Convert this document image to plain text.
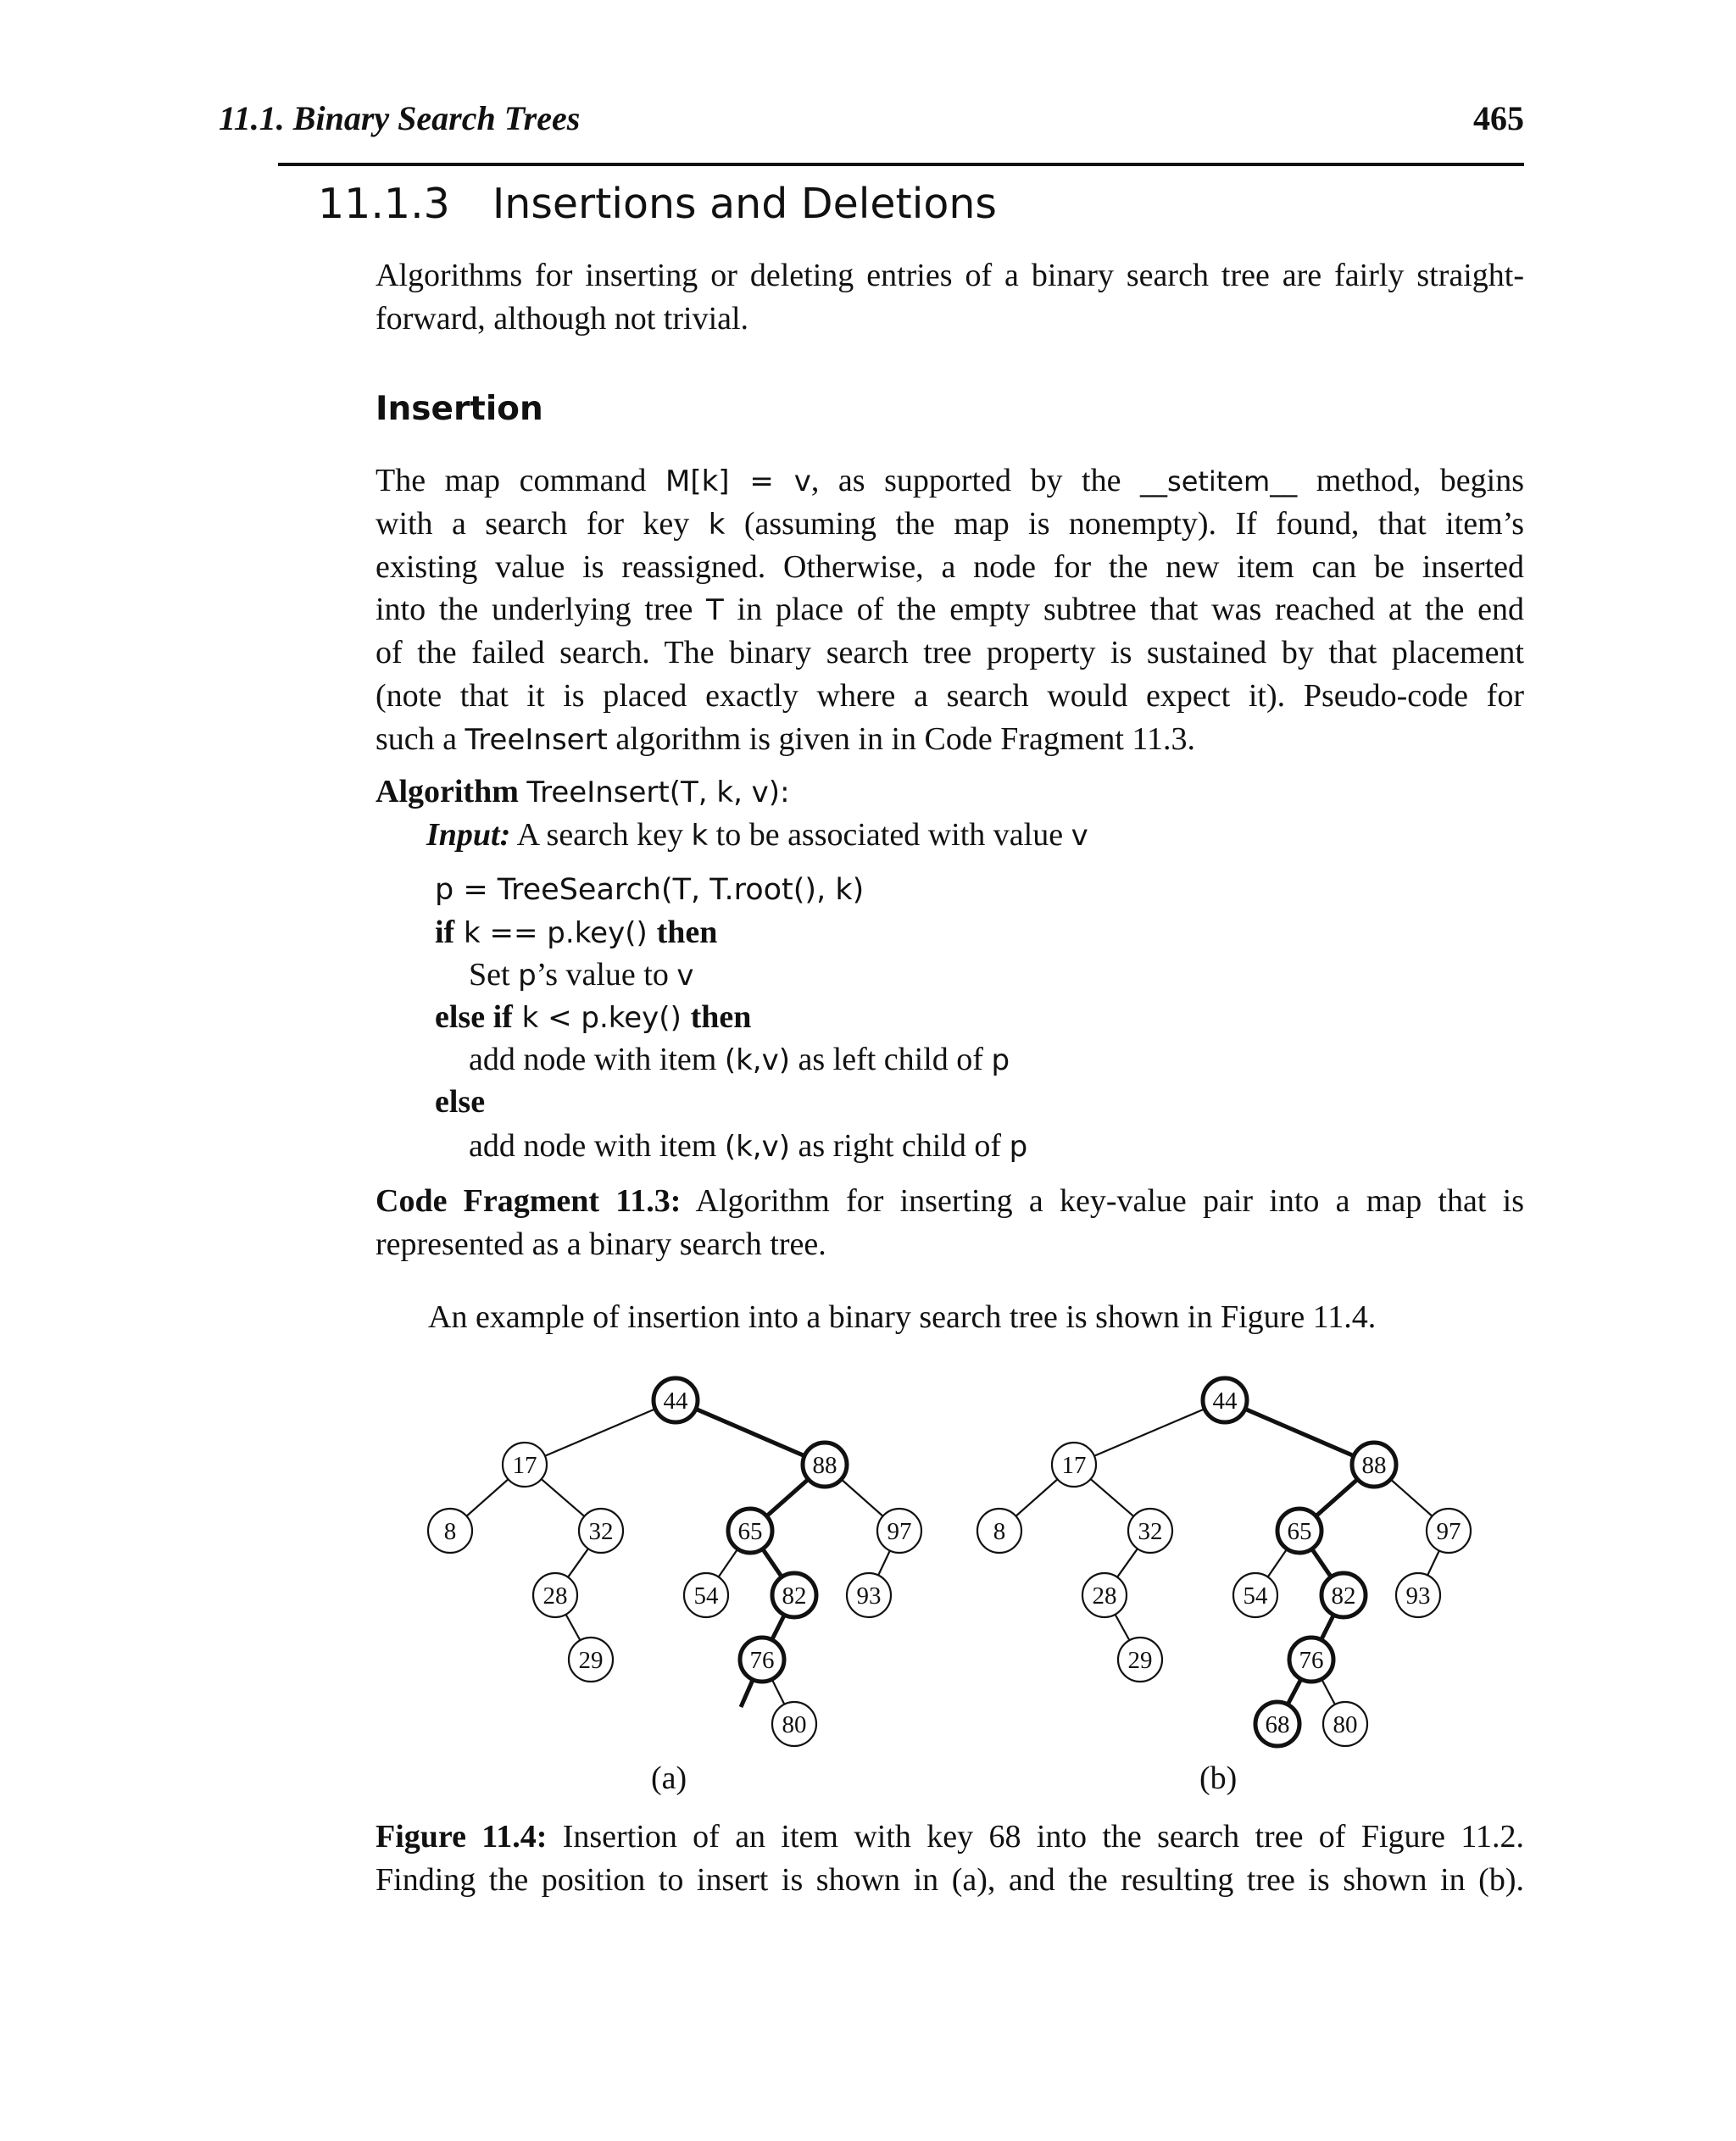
11.1. Binary Search Trees	465
11.1.3 Insertions and Deletions
Algorithms for inserting or deleting entries of a binary search tree are fairly straight-
forward, although not trivial.
Insertion
The map command M[k] = v, as supported by the __setitem__ method, begins
with a search for key k (assuming the map is nonempty). If found, that item’s
existing value is reassigned. Otherwise, a node for the new item can be inserted
into the underlying tree T in place of the empty subtree that was reached at the end
of the failed search. The binary search tree property is sustained by that placement
(note that it is placed exactly where a search would expect it). Pseudo-code for
such a TreeInsert algorithm is given in in Code Fragment 11.3.
Algorithm TreeInsert(T, k, v):
Input: A search key k to be associated with value v
p = TreeSearch(T, T.root(), k)
if k == p.key() then
Set p’s value to v
else if k < p.key() then
add node with item (k,v) as left child of p
else
add node with item (k,v) as right child of p
Code Fragment 11.3: Algorithm for inserting a key-value pair into a map that is
represented as a binary search tree.
An example of insertion into a binary search tree is shown in Figure 11.4.
44
17	88
8	32	65	97
28	54	82 93
29	76
80
44
17	88
8	32	65	97
28	54	82 93
29	76
68 80
(a)	(b)
Figure 11.4: Insertion of an item with key 68 into the search tree of Figure 11.2.
Finding the position to insert is shown in (a), and the resulting tree is shown in (b).
